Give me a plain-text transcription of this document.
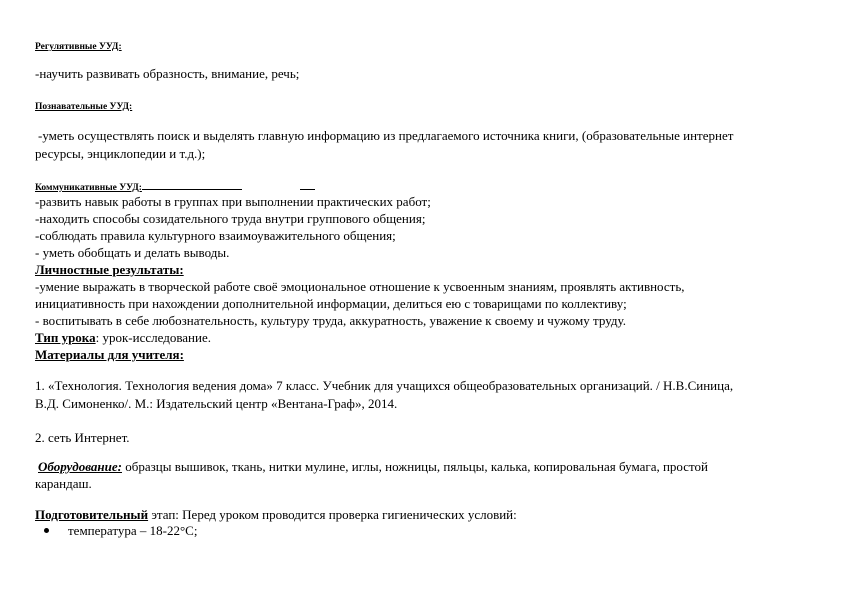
Регулятивные УУД:
-научить развивать образность, внимание, речь;
Познавательные УУД:
-уметь осуществлять поиск и выделять главную информацию из предлагаемого источника книги, (образовательные интернет
ресурсы, энциклопедии и т.д.);
Коммуникативные УУД:
-развить навык работы в группах при выполнении практических работ;
-находить способы созидательного труда внутри группового общения;
-соблюдать правила культурного взаимоуважительного общения;
- уметь обобщать и делать выводы.
Личностные результаты:
-умение выражать в творческой работе своё эмоциональное отношение к усвоенным знаниям, проявлять активность,
инициативность при нахождении дополнительной информации, делиться ею с товарищами по коллективу;
- воспитывать в себе любознательность, культуру труда, аккуратность, уважение к своему и чужому труду.
Тип урока: урок-исследование.
Материалы для учителя:
1. «Технология. Технология ведения дома» 7 класс. Учебник для учащихся общеобразовательных организаций. / Н.В.Синица,
В.Д. Симоненко/. М.: Издательский центр «Вентана-Граф», 2014.
2. сеть Интернет.
Оборудование: образцы вышивок, ткань, нитки мулине, иглы, ножницы, пяльцы, калька, копировальная бумага, простой
карандаш.
Подготовительный этап: Перед уроком проводится проверка гигиенических условий:
температура – 18-22°С;
